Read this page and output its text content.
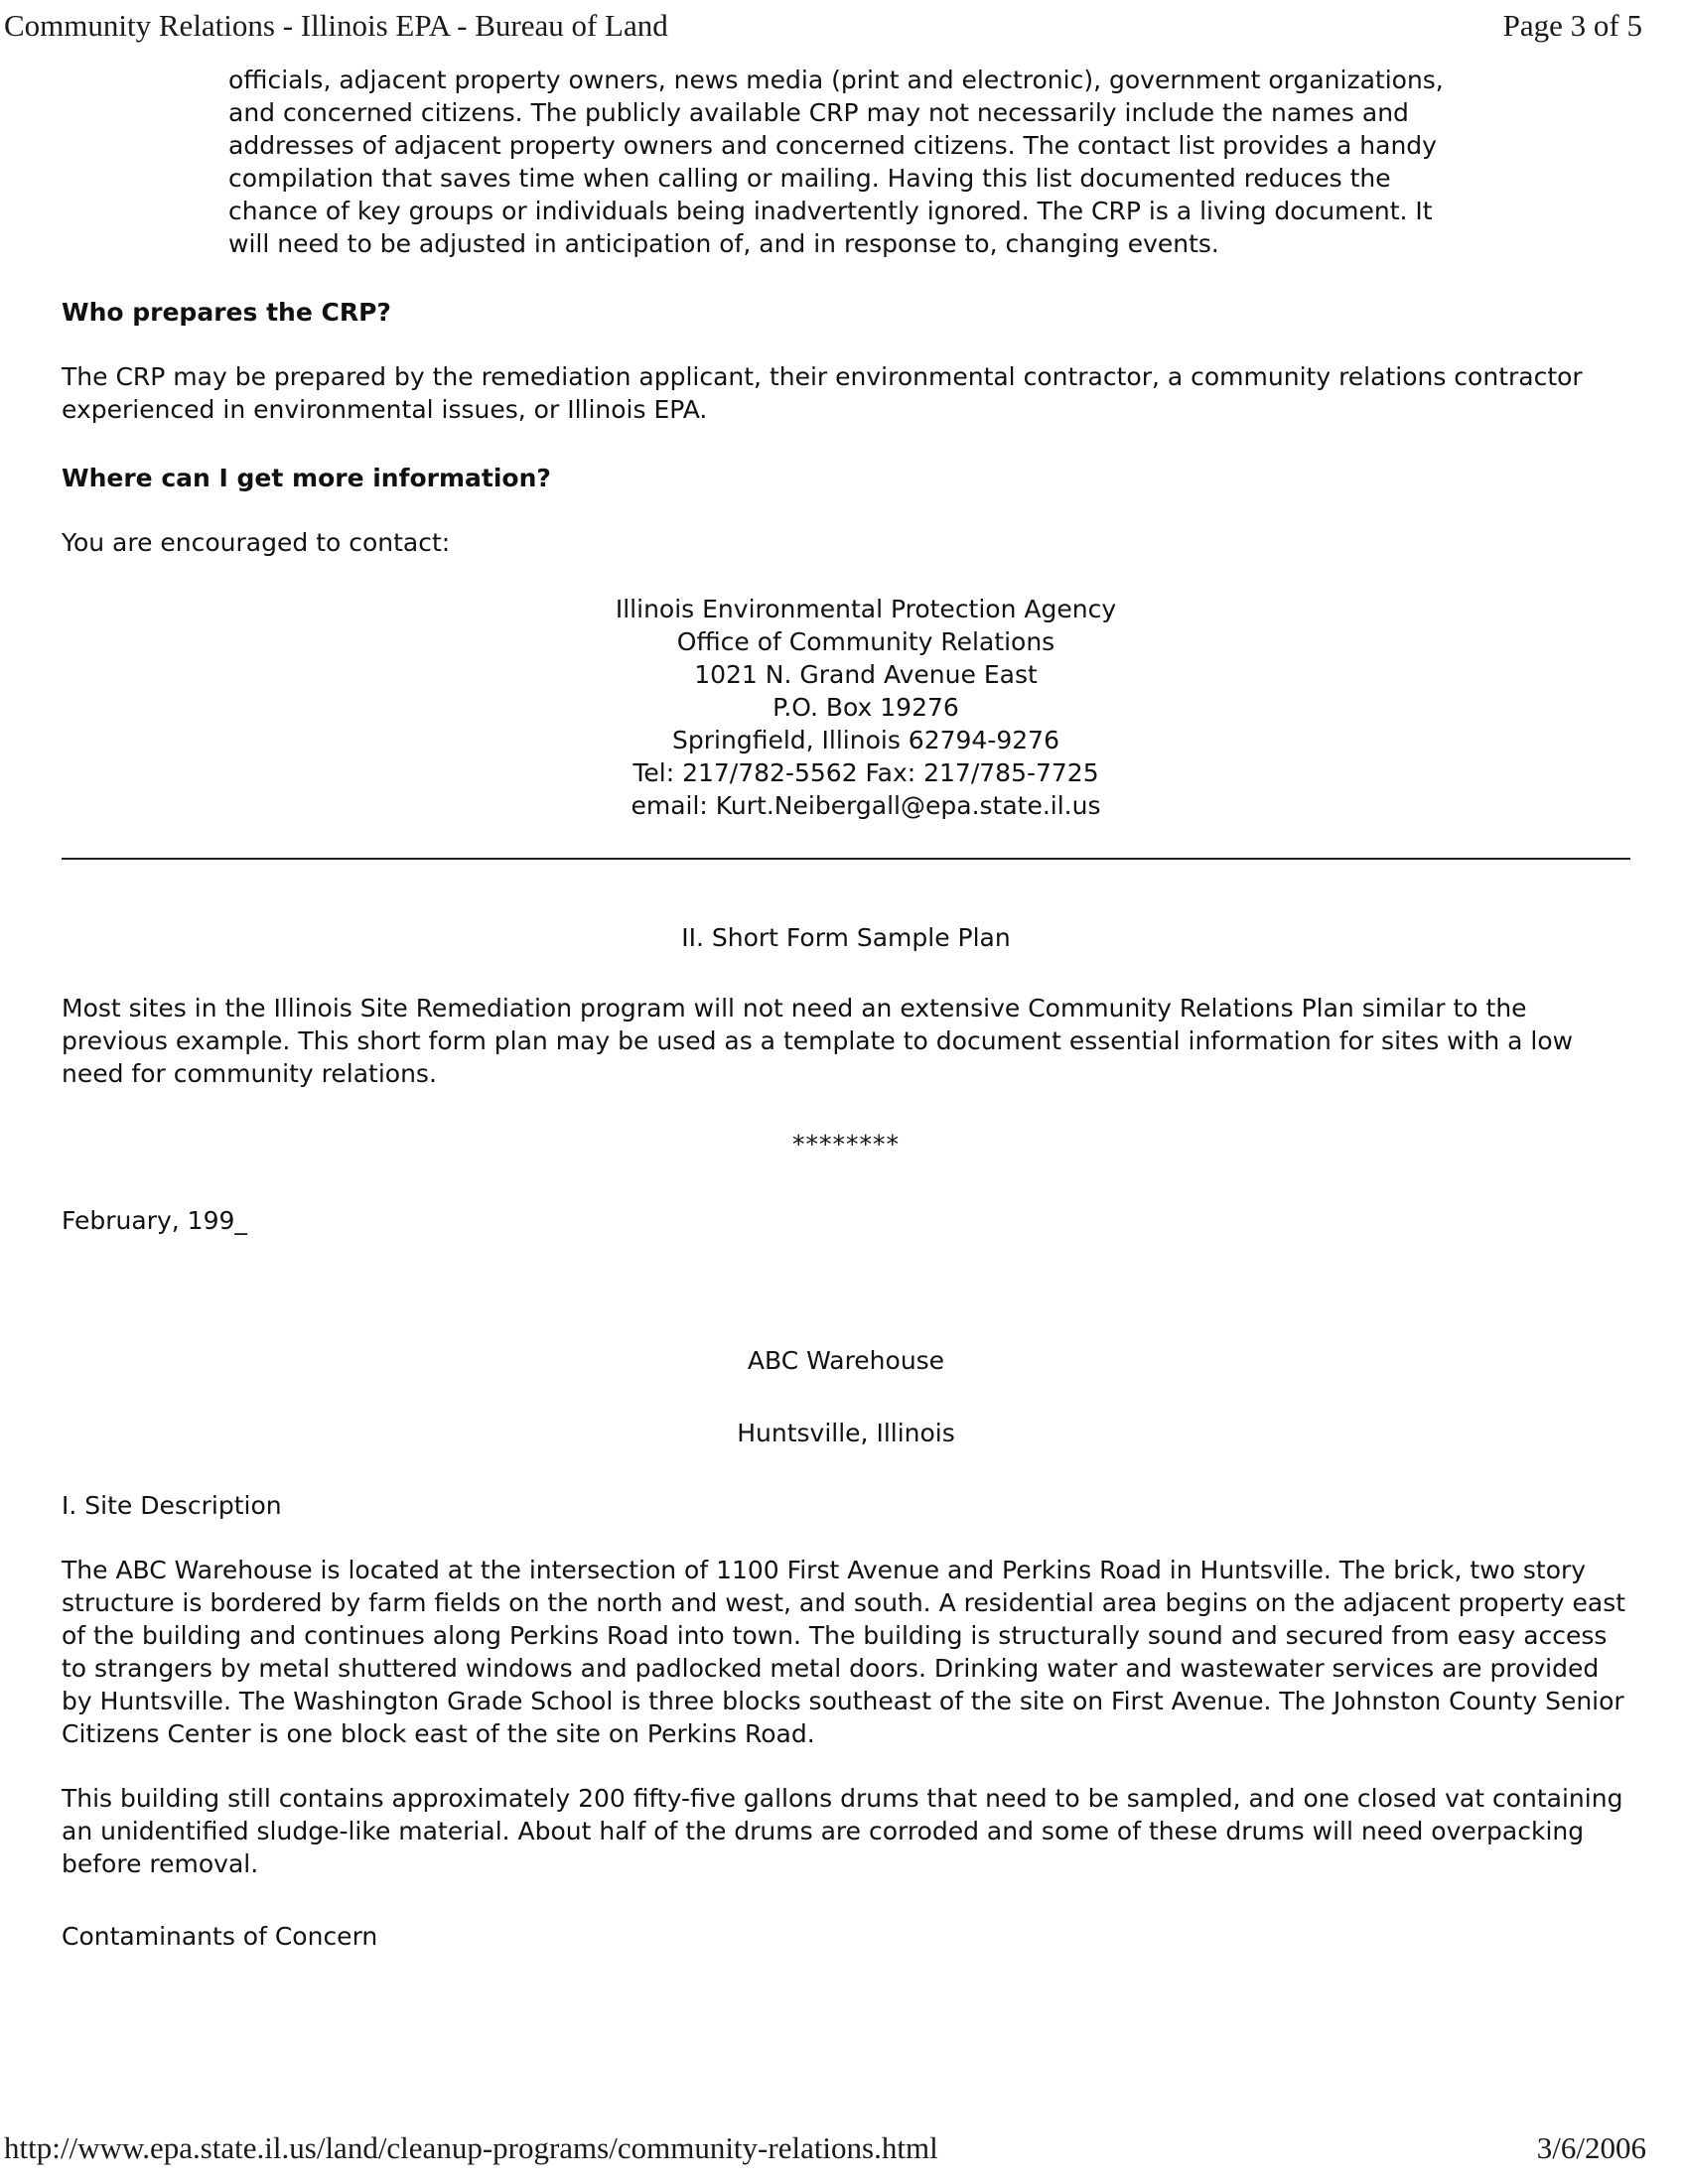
Community Relations - Illinois EPA - Bureau of Land	Page 3 of 5

officials, adjacent property owners, news media (print and electronic), government organizations, and concerned citizens. The publicly available CRP may not necessarily include the names and addresses of adjacent property owners and concerned citizens. The contact list provides a handy compilation that saves time when calling or mailing. Having this list documented reduces the chance of key groups or individuals being inadvertently ignored. The CRP is a living document. It will need to be adjusted in anticipation of, and in response to, changing events.

Who prepares the CRP?

The CRP may be prepared by the remediation applicant, their environmental contractor, a community relations contractor experienced in environmental issues, or Illinois EPA.

Where can I get more information?

You are encouraged to contact:

Illinois Environmental Protection Agency
Office of Community Relations
1021 N. Grand Avenue East
P.O. Box 19276
Springfield, Illinois 62794-9276
Tel: 217/782-5562 Fax: 217/785-7725
email: Kurt.Neibergall@epa.state.il.us

II. Short Form Sample Plan

Most sites in the Illinois Site Remediation program will not need an extensive Community Relations Plan similar to the previous example. This short form plan may be used as a template to document essential information for sites with a low need for community relations.

********

February, 199_

ABC Warehouse

Huntsville, Illinois

I. Site Description

The ABC Warehouse is located at the intersection of 1100 First Avenue and Perkins Road in Huntsville. The brick, two story structure is bordered by farm fields on the north and west, and south. A residential area begins on the adjacent property east of the building and continues along Perkins Road into town. The building is structurally sound and secured from easy access to strangers by metal shuttered windows and padlocked metal doors. Drinking water and wastewater services are provided by Huntsville. The Washington Grade School is three blocks southeast of the site on First Avenue. The Johnston County Senior Citizens Center is one block east of the site on Perkins Road.

This building still contains approximately 200 fifty-five gallons drums that need to be sampled, and one closed vat containing an unidentified sludge-like material. About half of the drums are corroded and some of these drums will need overpacking before removal.

Contaminants of Concern

http://www.epa.state.il.us/land/cleanup-programs/community-relations.html	3/6/2006
